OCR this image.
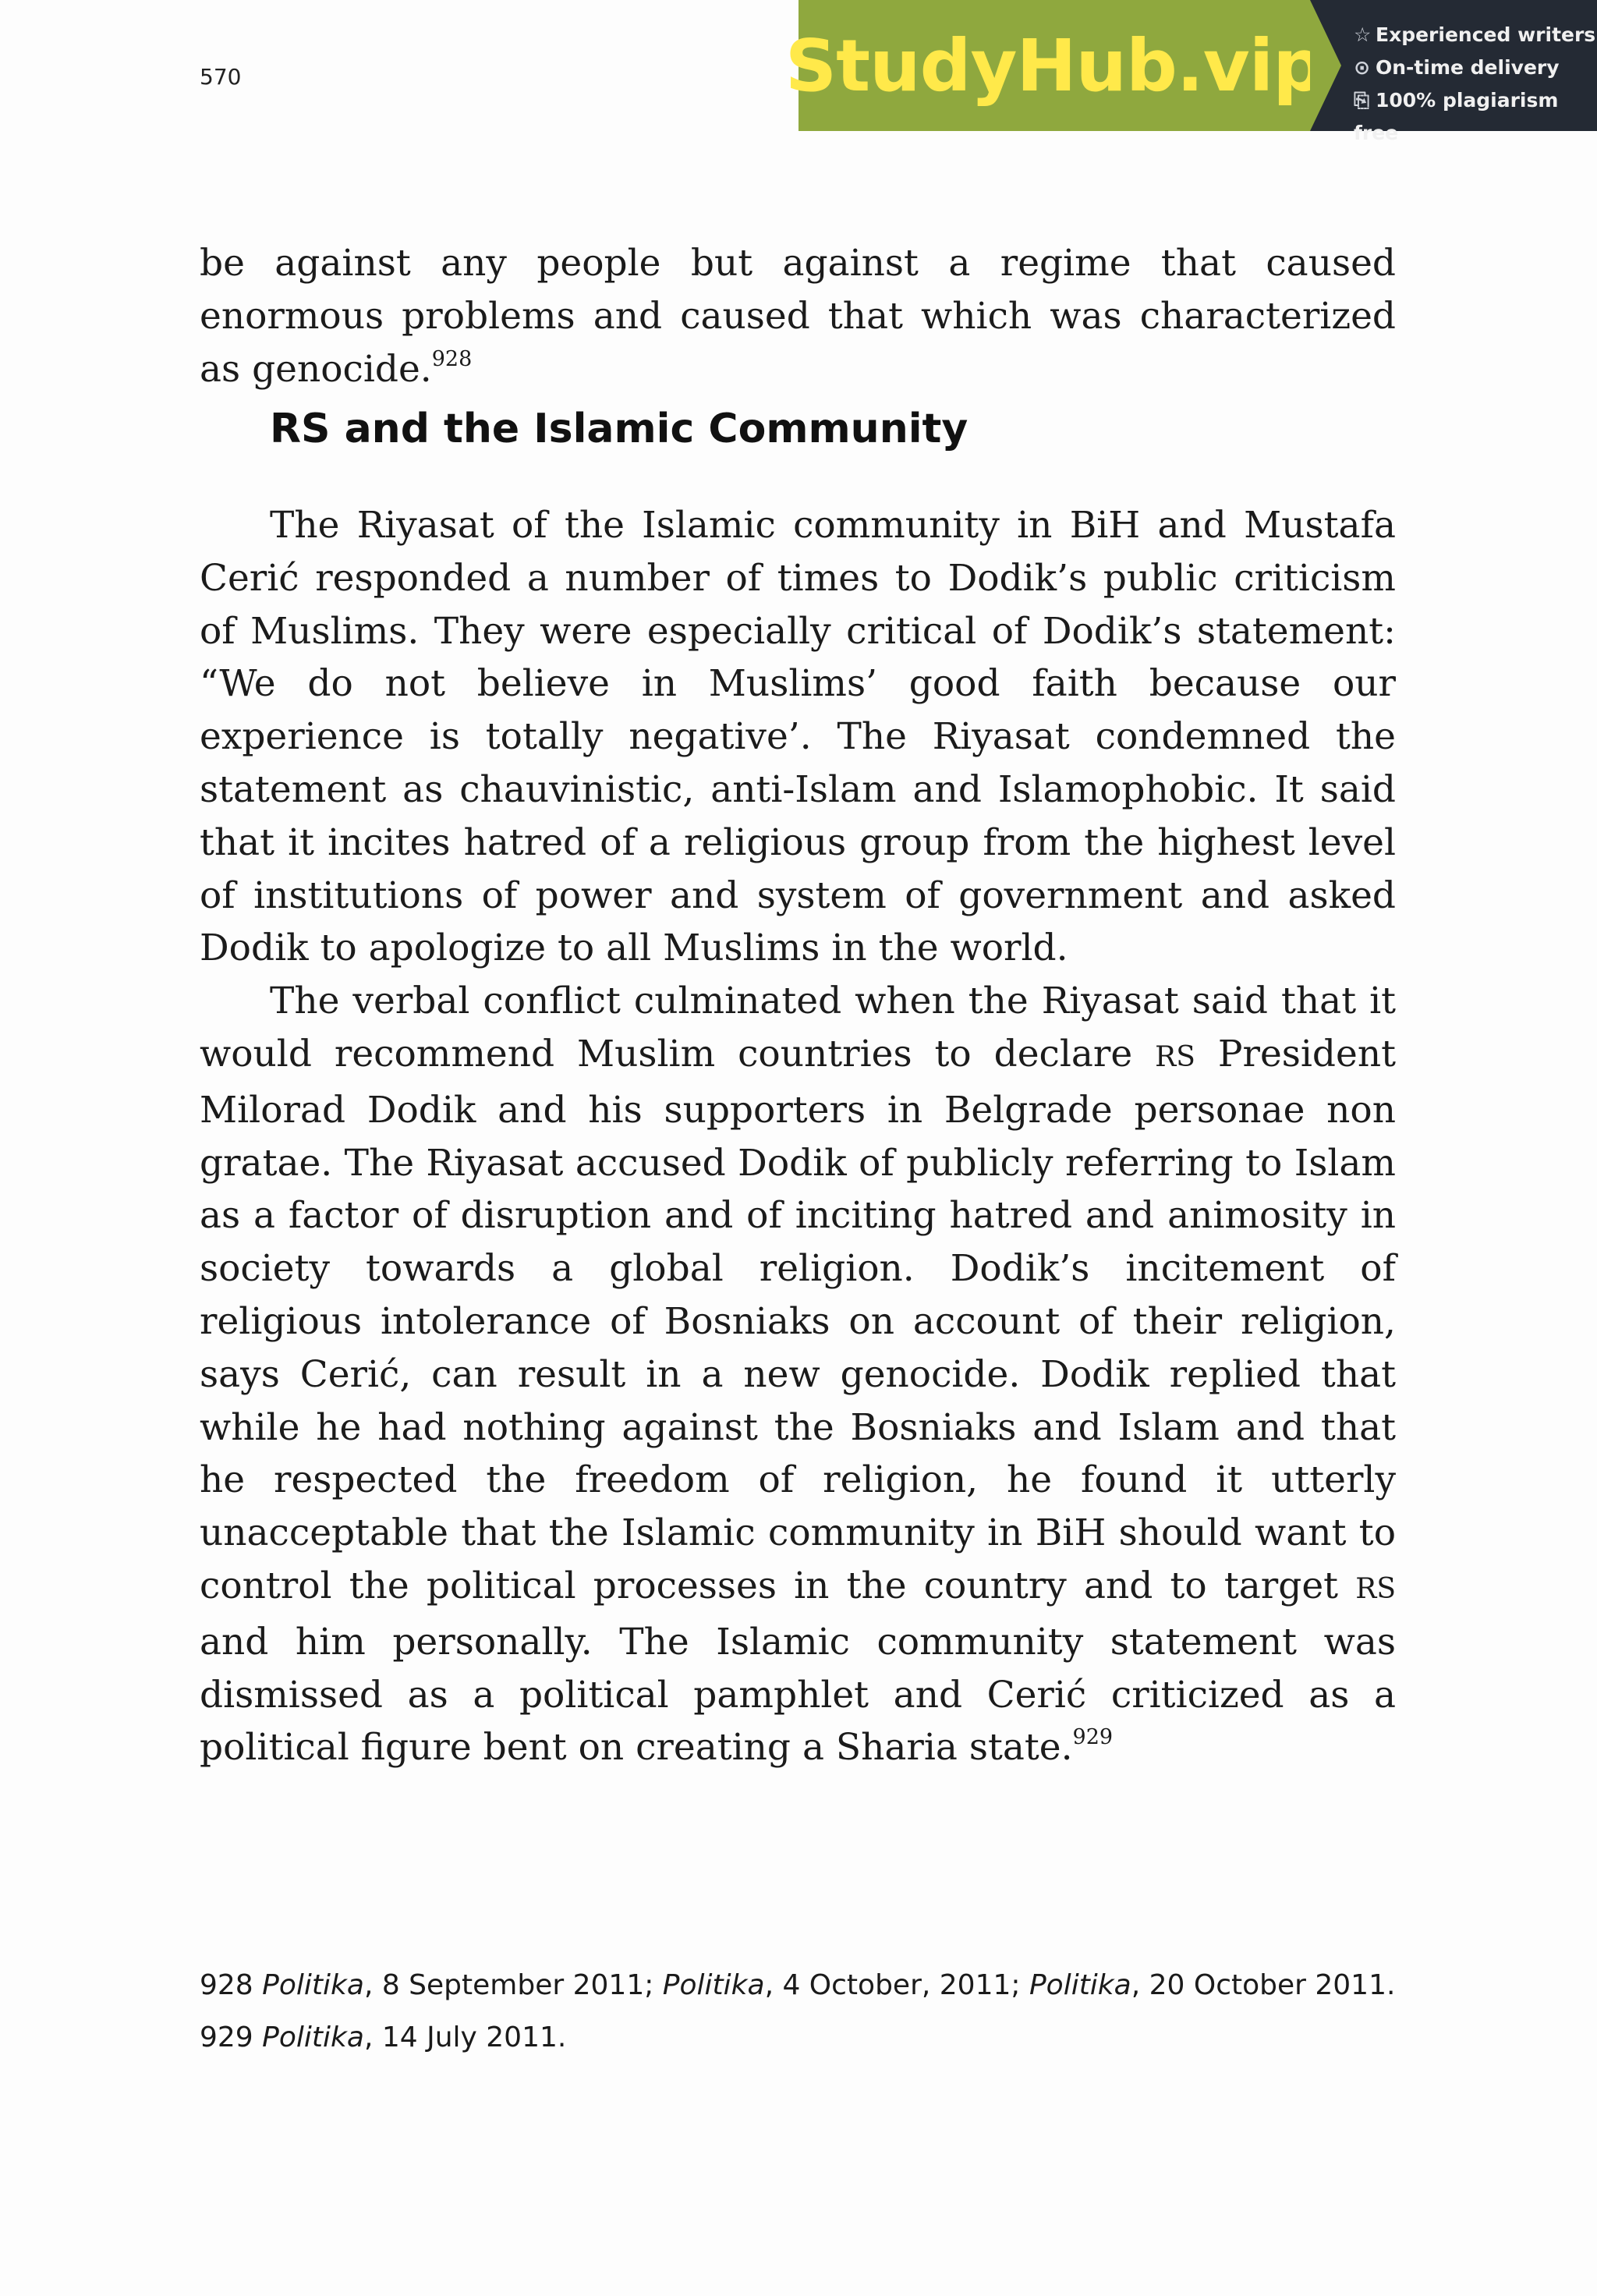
570	StudyHub.vip ☆ Experienced writers
⊙ On-time delivery
⎘ 100% plagiarism free

be against any people but against a regime that caused enormous problems and caused that which was characterized as genocide.$^{928}$

RS and the Islamic Community

The Riyasat of the Islamic community in BiH and Mustafa Cerić responded a number of times to Dodik’s public criticism of Muslims. They were especially critical of Dodik’s statement: “We do not believe in Muslims’ good faith because our experience is totally negative’. The Riyasat condemned the statement as chauvinistic, anti-Islam and Islamophobic. It said that it incites hatred of a religious group from the highest level of institutions of power and system of government and asked Dodik to apologize to all Muslims in the world.

The verbal conflict culminated when the Riyasat said that it would recommend Muslim countries to declare RS President Milorad Dodik and his supporters in Belgrade personae non gratae. The Riyasat accused Dodik of publicly referring to Islam as a factor of disruption and of inciting hatred and animosity in society towards a global religion. Dodik’s incitement of religious intolerance of Bosniaks on account of their religion, says Cerić, can result in a new genocide. Dodik replied that while he had nothing against the Bosniaks and Islam and that he respected the freedom of religion, he found it utterly unacceptable that the Islamic community in BiH should want to control the political processes in the country and to target RS and him personally. The Islamic community statement was dismissed as a political pamphlet and Cerić criticized as a political figure bent on creating a Sharia state.$^{929}$

928 Politika, 8 September 2011; Politika, 4 October, 2011; Politika, 20 October 2011.
929 Politika, 14 July 2011.
